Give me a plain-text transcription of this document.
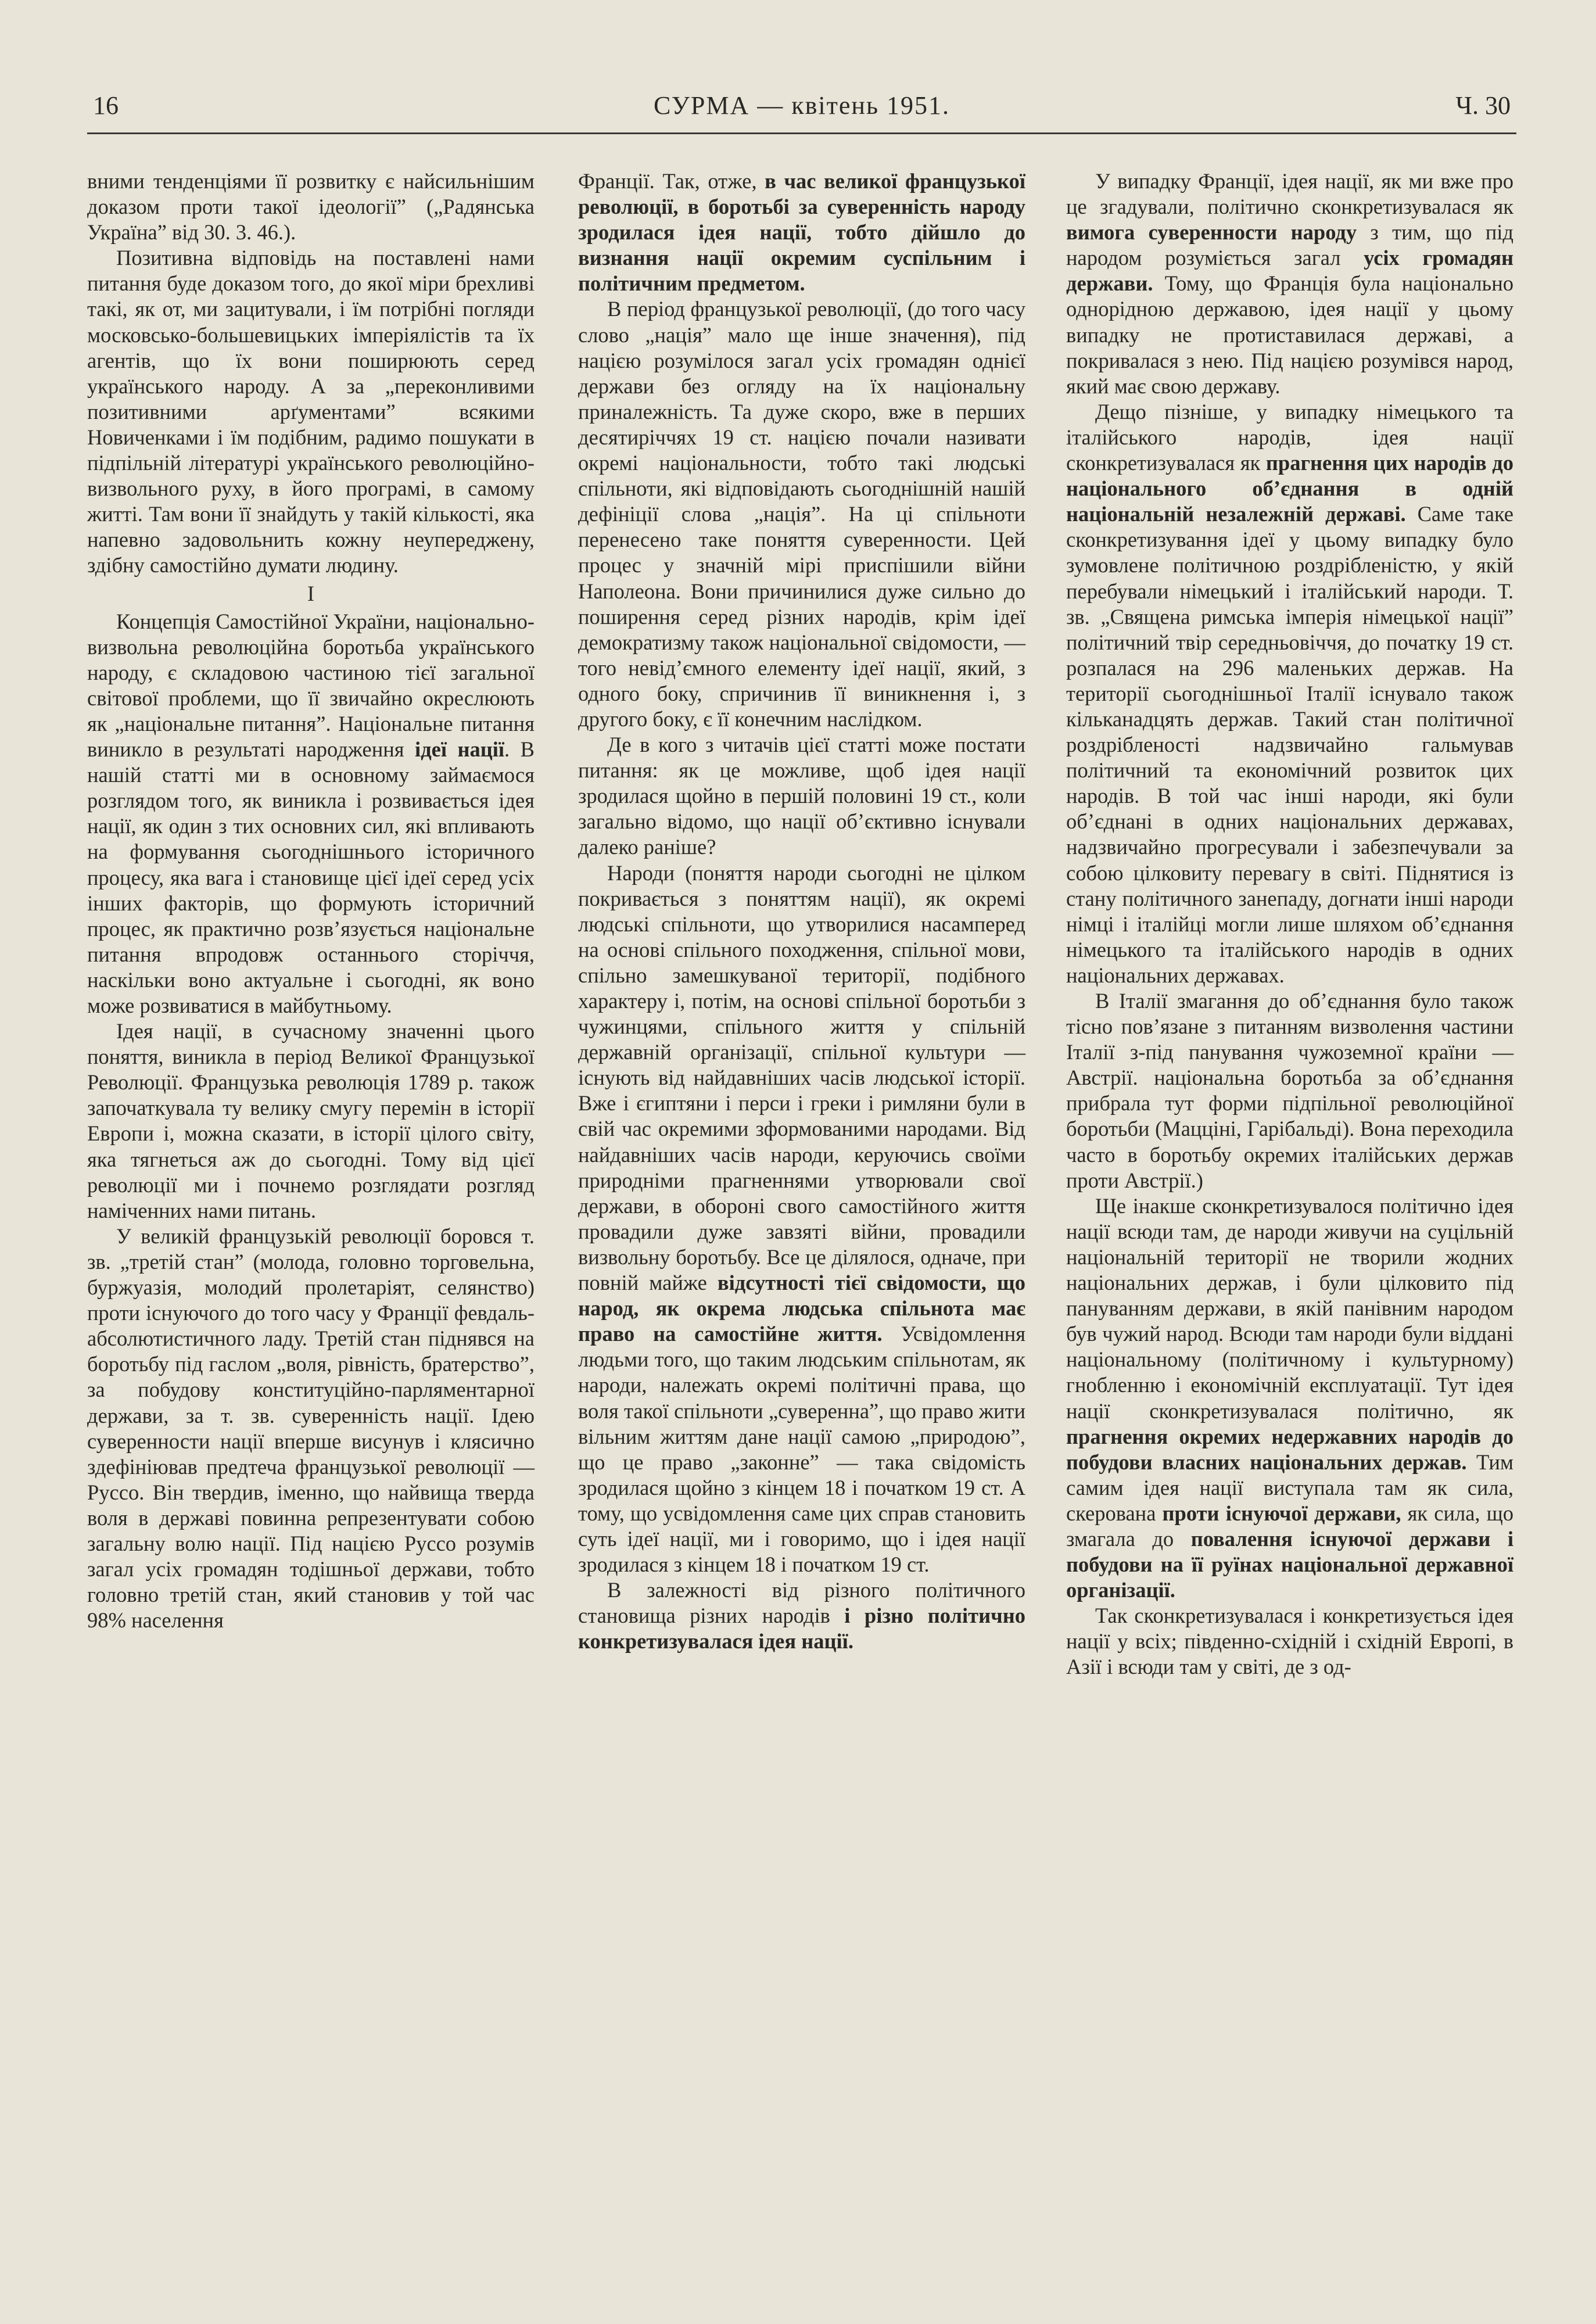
16	СУРМА — квітень 1951.	Ч. 30

вними тенденціями її розвитку є найсильнішим доказом проти такої ідеології” („Радянська Україна” від 30. 3. 46.).

Позитивна відповідь на поставлені нами питання буде доказом того, до якої міри брехливі такі, як от, ми зацитували, і їм потрібні погляди московсько-большевицьких імперіялістів та їх агентів, що їх вони поширюють серед українського народу. А за „переконливими позитивними арґументами” всякими Новиченками і їм подібним, радимо пошукати в підпільній літературі українського революційно-визвольного руху, в його програмі, в самому житті. Там вони її знайдуть у такій кількості, яка напевно задовольнить кожну неупереджену, здібну самостійно думати людину.

I

Концепція Самостійної України, національно-визвольна революційна боротьба українського народу, є складовою частиною тієї загальної світової проблеми, що її звичайно окреслюють як „національне питання”. Національне питання виникло в результаті народження ідеї нації. В нашій статті ми в основному займаємося розглядом того, як виникла і розвивається ідея нації, як один з тих основних сил, які впливають на формування сьогоднішнього історичного процесу, яка вага і становище цієї ідеї серед усіх інших факторів, що формують історичний процес, як практично розв’язується національне питання впродовж останнього сторіччя, наскільки воно актуальне і сьогодні, як воно може розвиватися в майбутньому.

Ідея нації, в сучасному значенні цього поняття, виникла в період Великої Французької Революції. Французька революція 1789 р. також започаткувала ту велику смугу перемін в історії Европи і, можна сказати, в історії цілого світу, яка тягнеться аж до сьогодні. Тому від цієї революції ми і почнемо розглядати розгляд наміченних нами питань.

У великій французькій революції боровся т. зв. „третій стан” (молода, головно торговельна, буржуазія, молодий пролетаріят, селянство) проти існуючого до того часу у Франції февдаль-абсолютистичного ладу. Третій стан піднявся на боротьбу під гаслом „воля, рівність, братерство”, за побудову конституційно-парляментарної держави, за т. зв. суверенність нації. Ідею суверенности нації вперше висунув і клясично здефініював предтеча французької революції — Руссо. Він твердив, іменно, що найвища тверда воля в державі повинна репрезентувати собою загальну волю нації. Під нацією Руссо розумів загал усіх громадян тодішньої держави, тобто головно третій стан, який становив у той час 98% населення

Франції. Так, отже, в час великої французької революції, в боротьбі за суверенність народу зродилася ідея нації, тобто дійшло до визнання нації окремим суспільним і політичним предметом.

В період французької революції, (до того часу слово „нація” мало ще інше значення), під нацією розумілося загал усіх громадян однієї держави без огляду на їх національну приналежність. Та дуже скоро, вже в перших десятиріччях 19 ст. нацією почали називати окремі національности, тобто такі людські спільноти, які відповідають сьогоднішній нашій дефініції слова „нація”. На ці спільноти перенесено таке поняття суверенности. Цей процес у значній мірі приспішили війни Наполеона. Вони причинилися дуже сильно до поширення серед різних народів, крім ідеї демократизму також національної свідомости, — того невід’ємного елементу ідеї нації, який, з одного боку, спричинив її виникнення і, з другого боку, є її конечним наслідком.

Де в кого з читачів цієї статті може постати питання: як це можливе, щоб ідея нації зродилася щойно в першій половині 19 ст., коли загально відомо, що нації об’єктивно існували далеко раніше?

Народи (поняття народи сьогодні не цілком покривається з поняттям нації), як окремі людські спільноти, що утворилися насамперед на основі спільного походження, спільної мови, спільно замешкуваної території, подібного характеру і, потім, на основі спільної боротьби з чужинцями, спільного життя у спільній державній організації, спільної культури — існують від найдавніших часів людської історії. Вже і єгиптяни і перси і греки і римляни були в свій час окремими зформованими народами. Від найдавніших часів народи, керуючись своїми природніми прагненнями утворювали свої держави, в обороні свого самостійного життя провадили дуже завзяті війни, провадили визвольну боротьбу. Все це ділялося, одначе, при повній майже відсутності тієї свідомости, що народ, як окрема людська спільнота має право на самостійне життя. Усвідомлення людьми того, що таким людським спільнотам, як народи, належать окремі політичні права, що воля такої спільноти „суверенна”, що право жити вільним життям дане нації самою „природою”, що це право „законне” — така свідомість зродилася щойно з кінцем 18 і початком 19 ст. А тому, що усвідомлення саме цих справ становить суть ідеї нації, ми і говоримо, що і ідея нації зродилася з кінцем 18 і початком 19 ст.

В залежності від різного політичного становища різних народів і різно політично конкретизувалася ідея нації.

У випадку Франції, ідея нації, як ми вже про це згадували, політично сконкретизувалася як вимога суверенности народу з тим, що під народом розуміється загал усіх громадян держави. Тому, що Франція була національно однорідною державою, ідея нації у цьому випадку не протиставилася державі, а покривалася з нею. Під нацією розумівся народ, який має свою державу.

Дещо пізніше, у випадку німецького та італійського народів, ідея нації сконкретизувалася як прагнення цих народів до національного об’єднання в одній національній незалежній державі. Саме таке сконкретизування ідеї у цьому випадку було зумовлене політичною роздрібленістю, у якій перебували німецький і італійський народи. Т. зв. „Священа римська імперія німецької нації” політичний твір середньовіччя, до початку 19 ст. розпалася на 296 маленьких держав. На території сьогоднішньої Італії існувало також кільканадцять держав. Такий стан політичної роздрібленості надзвичайно гальмував політичний та економічний розвиток цих народів. В той час інші народи, які були об’єднані в одних національних державах, надзвичайно прогресували і забезпечували за собою цілковиту перевагу в світі. Піднятися із стану політичного занепаду, догнати інші народи німці і італійці могли лише шляхом об’єднання німецького та італійського народів в одних національних державах.

В Італії змагання до об’єднання було також тісно пов’язане з питанням визволення частини Італії з-під панування чужоземної країни — Австрії. національна боротьба за об’єднання прибрала тут форми підпільної революційної боротьби (Мацціні, Гарібальді). Вона переходила часто в боротьбу окремих італійських держав проти Австрії.)

Ще інакше сконкретизувалося політично ідея нації всюди там, де народи живучи на суцільній національній території не творили жодних національних держав, і були цілковито під пануванням держави, в якій панівним народом був чужий народ. Всюди там народи були віддані національному (політичному і культурному) гнобленню і економічній експлуатації. Тут ідея нації сконкретизувалася політично, як прагнення окремих недержавних народів до побудови власних національних держав. Тим самим ідея нації виступала там як сила, скерована проти існуючої держави, як сила, що змагала до повалення існуючої держави і побудови на її руїнах національної державної організації.

Так сконкретизувалася і конкретизується ідея нації у всіх; південно-східній і східній Европі, в Азії і всюди там у світі, де з од-
